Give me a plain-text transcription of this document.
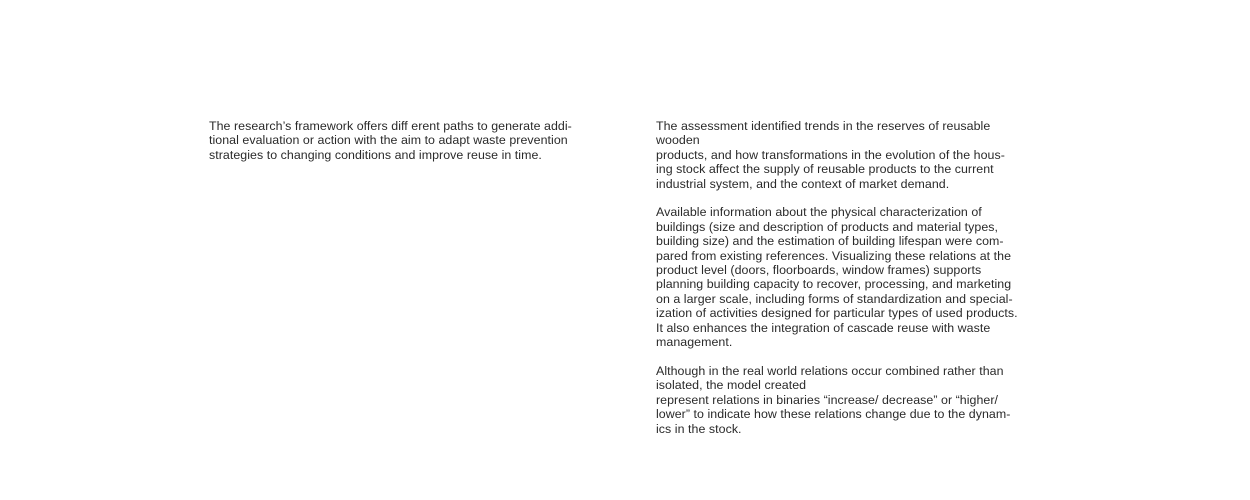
The research’s framework offers diff erent paths to generate addi-
tional evaluation or action with the aim to adapt waste prevention
strategies to changing conditions and improve reuse in time.

The assessment identified trends in the reserves of reusable
wooden
products, and how transformations in the evolution of the hous-
ing stock affect the supply of reusable products to the current
industrial system, and the context of market demand.

Available information about the physical characterization of
buildings (size and description of products and material types,
building size) and the estimation of building lifespan were com-
pared from existing references. Visualizing these relations at the
product level (doors, floorboards, window frames) supports
planning building capacity to recover, processing, and marketing
on a larger scale, including forms of standardization and special-
ization of activities designed for particular types of used products.
It also enhances the integration of cascade reuse with waste
management.

Although in the real world relations occur combined rather than
isolated, the model created
represent relations in binaries “increase/ decrease” or “higher/
lower” to indicate how these relations change due to the dynam-
ics in the stock.
